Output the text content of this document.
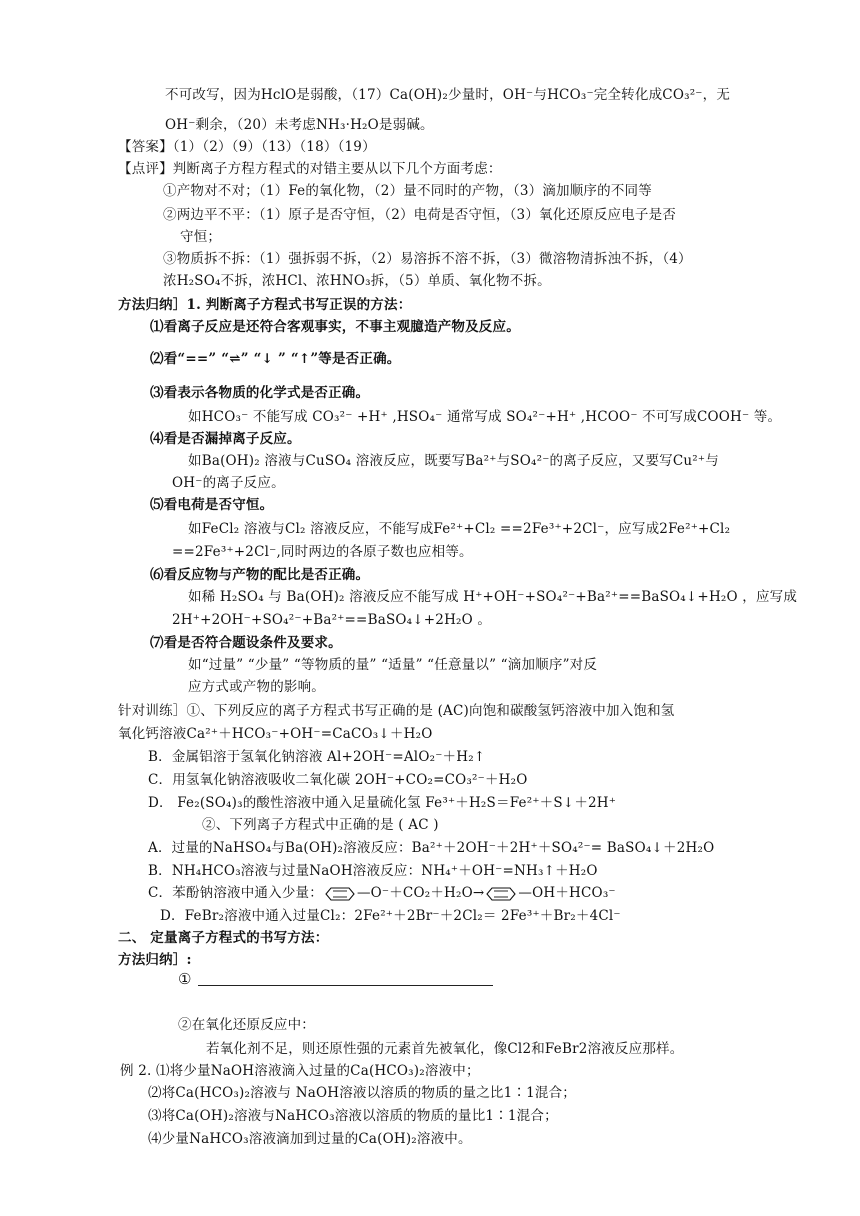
不可改写，因为HclO是弱酸，（17）Ca(OH)₂少量时，OH⁻与HCO₃⁻完全转化成CO₃²⁻，无
OH⁻剩余，（20）未考虑NH₃·H₂O是弱碱。
【答案】（1）（2）（9）（13）（18）（19）
【点评】判断离子方程方程式的对错主要从以下几个方面考虑：
①产物对不对；（1）Fe的氧化物，（2）量不同时的产物，（3）滴加顺序的不同等
②两边平不平：（1）原子是否守恒，（2）电荷是否守恒，（3）氧化还原反应电子是否
守恒；
③物质拆不拆：（1）强拆弱不拆，（2）易溶拆不溶不拆，（3）微溶物清拆浊不拆，（4）
浓H₂SO₄不拆，浓HCl、浓HNO₃拆，（5）单质、氧化物不拆。
方法归纳］1. 判断离子方程式书写正误的方法：
⑴看离子反应是还符合客观事实，不事主观臆造产物及反应。
⑵看“==” “⇌” “↓ ” “↑”等是否正确。
⑶看表示各物质的化学式是否正确。
如HCO₃⁻ 不能写成 CO₃²⁻ +H⁺ ,HSO₄⁻ 通常写成 SO₄²⁻+H⁺ ,HCOO⁻ 不可写成COOH⁻ 等。
⑷看是否漏掉离子反应。
如Ba(OH)₂ 溶液与CuSO₄ 溶液反应，既要写Ba²⁺与SO₄²⁻的离子反应，又要写Cu²⁺与
OH⁻的离子反应。
⑸看电荷是否守恒。
如FeCl₂ 溶液与Cl₂ 溶液反应，不能写成Fe²⁺+Cl₂ ==2Fe³⁺+2Cl⁻，应写成2Fe²⁺+Cl₂
==2Fe³⁺+2Cl⁻,同时两边的各原子数也应相等。
⑹看反应物与产物的配比是否正确。
如稀 H₂SO₄ 与 Ba(OH)₂ 溶液反应不能写成 H⁺+OH⁻+SO₄²⁻+Ba²⁺==BaSO₄↓+H₂O ，应写成
2H⁺+2OH⁻+SO₄²⁻+Ba²⁺==BaSO₄↓+2H₂O 。
⑺看是否符合题设条件及要求。
如“过量” “少量” “等物质的量” “适量” “任意量以” “滴加顺序”对反
应方式或产物的影响。
针对训练］①、下列反应的离子方程式书写正确的是 (AC)向饱和碳酸氢钙溶液中加入饱和氢
氧化钙溶液Ca²⁺＋HCO₃⁻+OH⁻=CaCO₃↓＋H₂O
B．金属铝溶于氢氧化钠溶液 Al+2OH⁻=AlO₂⁻＋H₂↑
C．用氢氧化钠溶液吸收二氧化碳 2OH⁻+CO₂=CO₃²⁻＋H₂O
D． Fe₂(SO₄)₃的酸性溶液中通入足量硫化氢 Fe³⁺＋H₂S＝Fe²⁺＋S↓＋2H⁺
②、下列离子方程式中正确的是 ( AC )
A．过量的NaHSO₄与Ba(OH)₂溶液反应：Ba²⁺＋2OH⁻＋2H⁺＋SO₄²⁻= BaSO₄↓＋2H₂O
B．NH₄HCO₃溶液与过量NaOH溶液反应：NH₄⁺＋OH⁻=NH₃↑＋H₂O
C．苯酚钠溶液中通入少量：	—O⁻＋CO₂＋H₂O→	—OH＋HCO₃⁻
D．FeBr₂溶液中通入过量Cl₂：2Fe²⁺＋2Br⁻＋2Cl₂＝ 2Fe³⁺＋Br₂＋4Cl⁻
二、 定量离子方程式的书写方法：
方法归纳］:
①
②在氧化还原反应中：
若氧化剂不足，则还原性强的元素首先被氧化，像Cl2和FeBr2溶液反应那样。
例 2. ⑴将少量NaOH溶液滴入过量的Ca(HCO₃)₂溶液中；
⑵将Ca(HCO₃)₂溶液与 NaOH溶液以溶质的物质的量之比1∶1混合；
⑶将Ca(OH)₂溶液与NaHCO₃溶液以溶质的物质的量比1∶1混合；
⑷少量NaHCO₃溶液滴加到过量的Ca(OH)₂溶液中。
